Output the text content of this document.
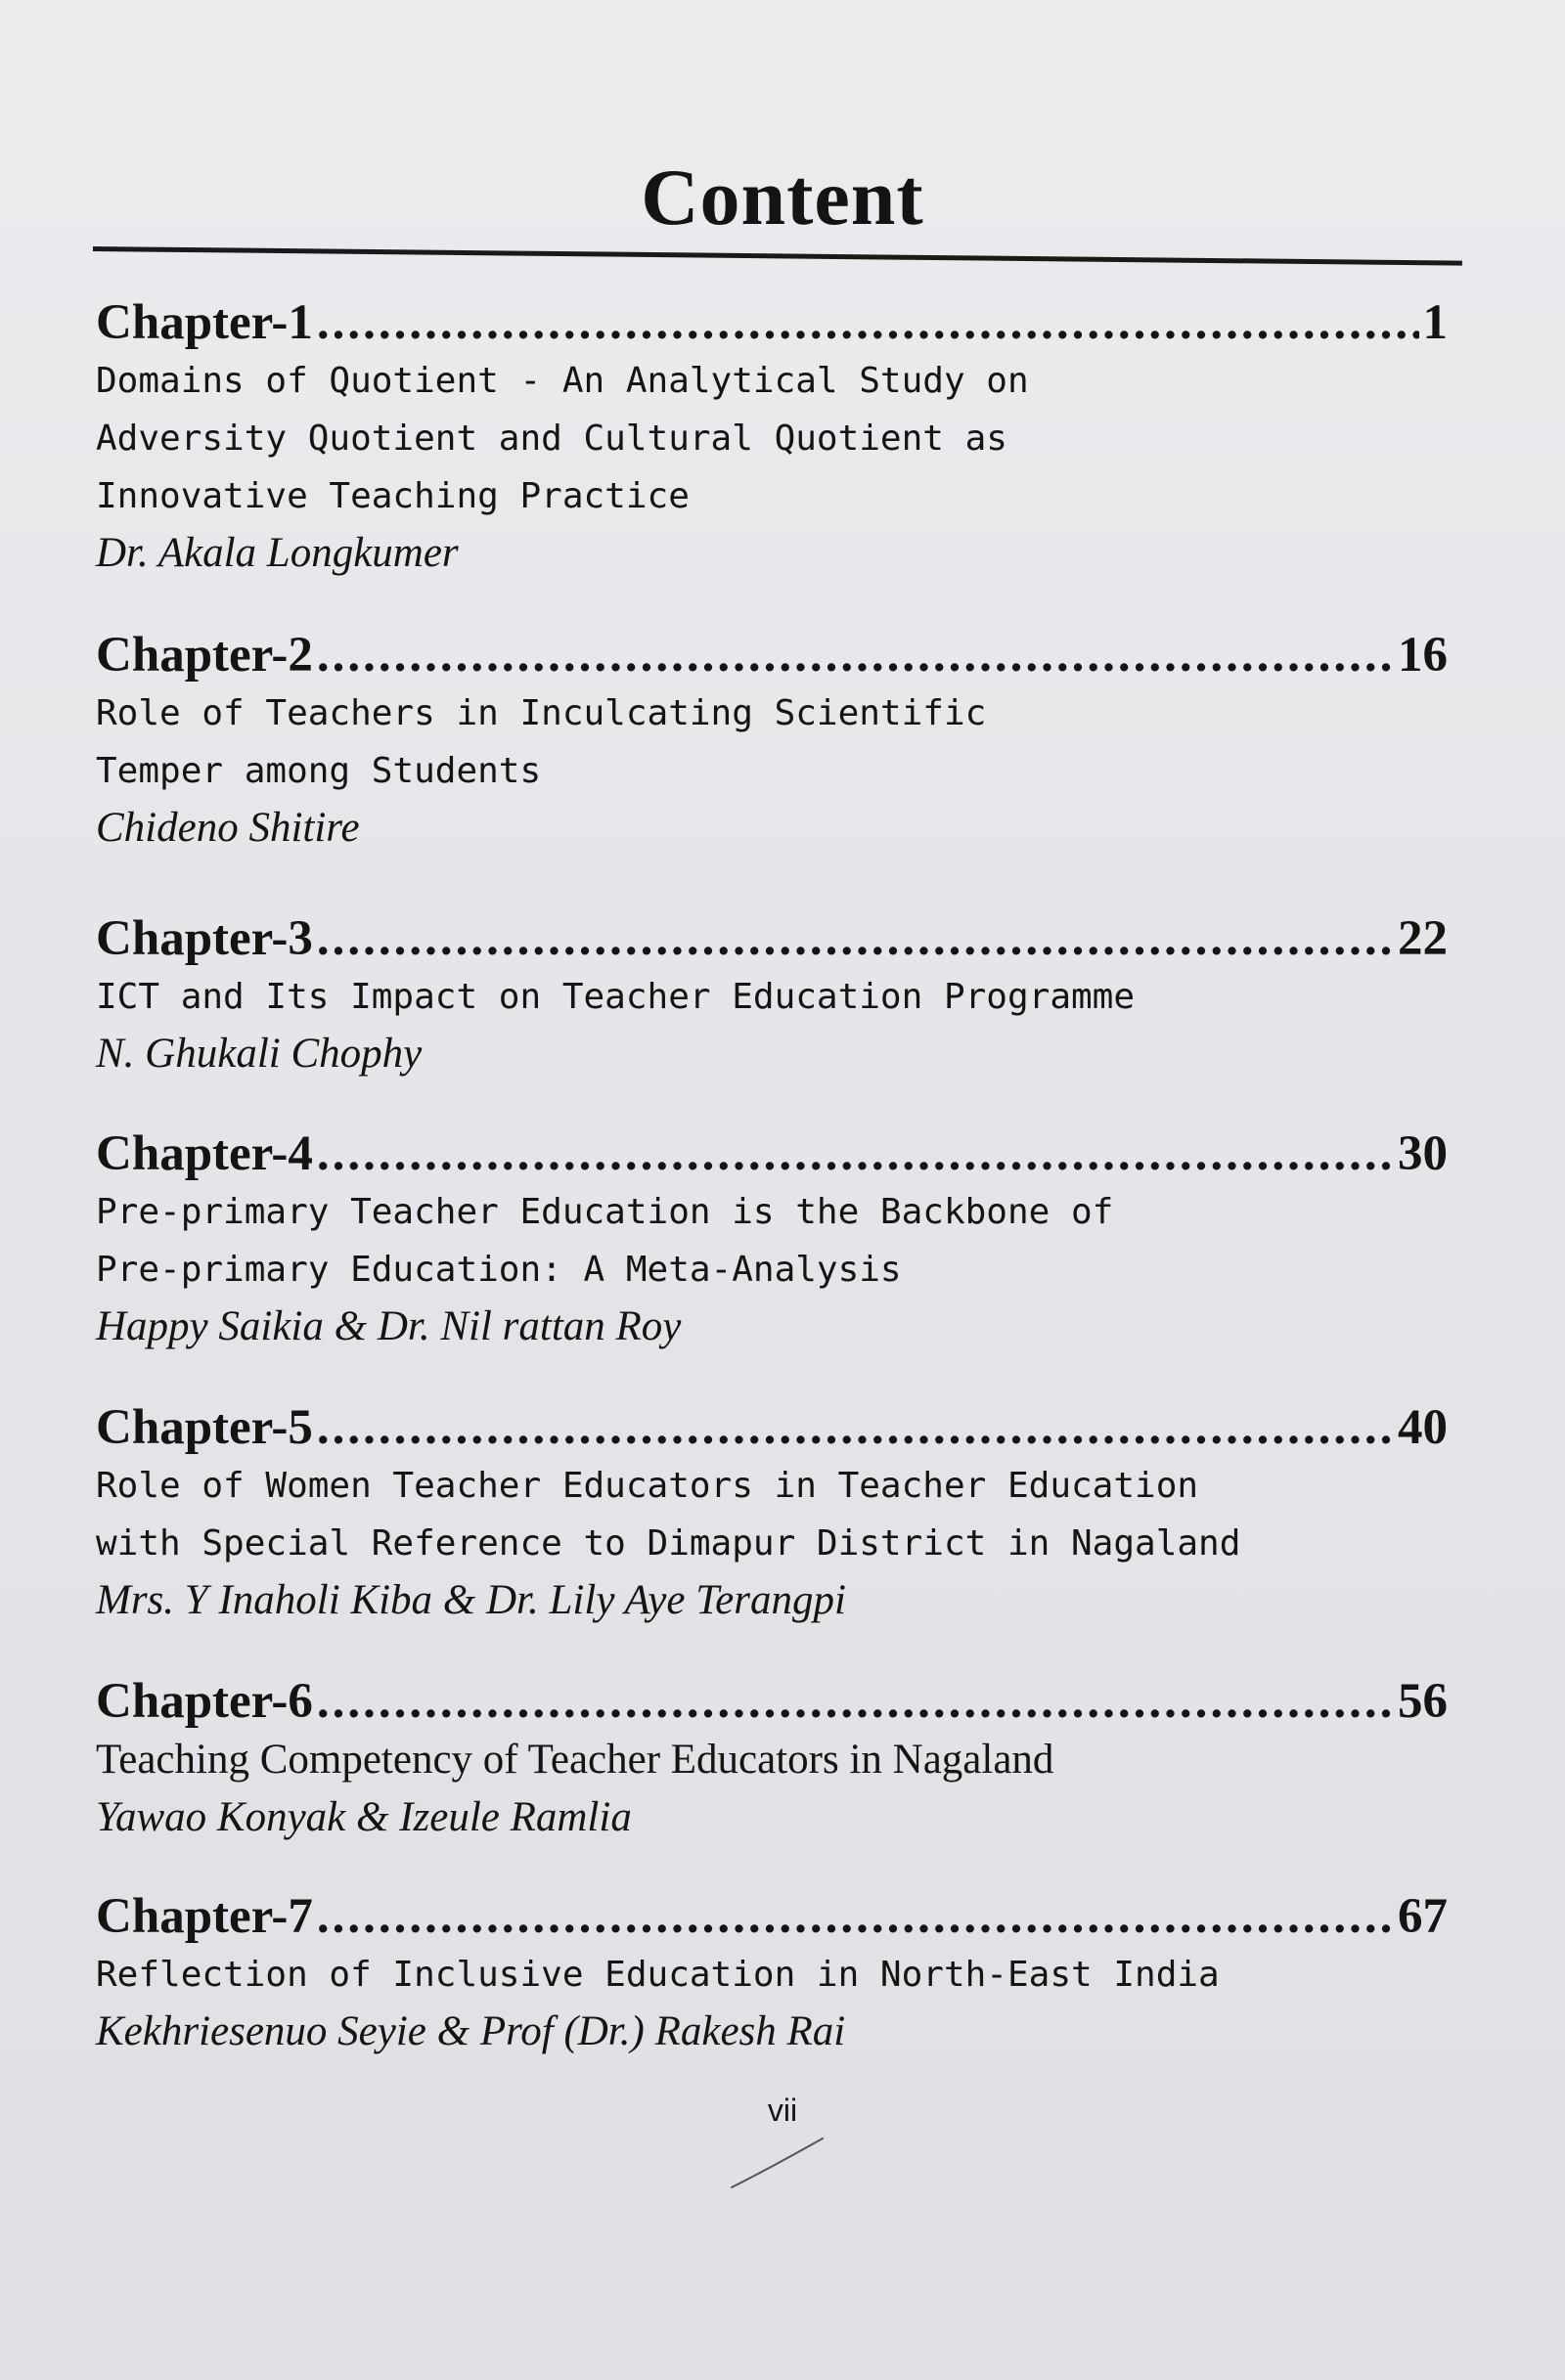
Content
Chapter-1 .....	1
Domains of Quotient - An Analytical Study on
Adversity Quotient and Cultural Quotient as
Innovative Teaching Practice
Dr. Akala Longkumer
Chapter-2 .....	16
Role of Teachers in Inculcating Scientific
Temper among Students
Chideno Shitire
Chapter-3 .....	22
ICT and Its Impact on Teacher Education Programme
N. Ghukali Chophy
Chapter-4 .....	30
Pre-primary Teacher Education is the Backbone of
Pre-primary Education: A Meta-Analysis
Happy Saikia & Dr. Nil rattan Roy
Chapter-5 .....	40
Role of Women Teacher Educators in Teacher Education
with Special Reference to Dimapur District in Nagaland
Mrs. Y Inaholi Kiba & Dr. Lily Aye Terangpi
Chapter-6 .....	56
Teaching Competency of Teacher Educators in Nagaland
Yawao Konyak & Izeule Ramlia
Chapter-7 .....	67
Reflection of Inclusive Education in North-East India
Kekhriesenuo Seyie & Prof (Dr.) Rakesh Rai
vii
